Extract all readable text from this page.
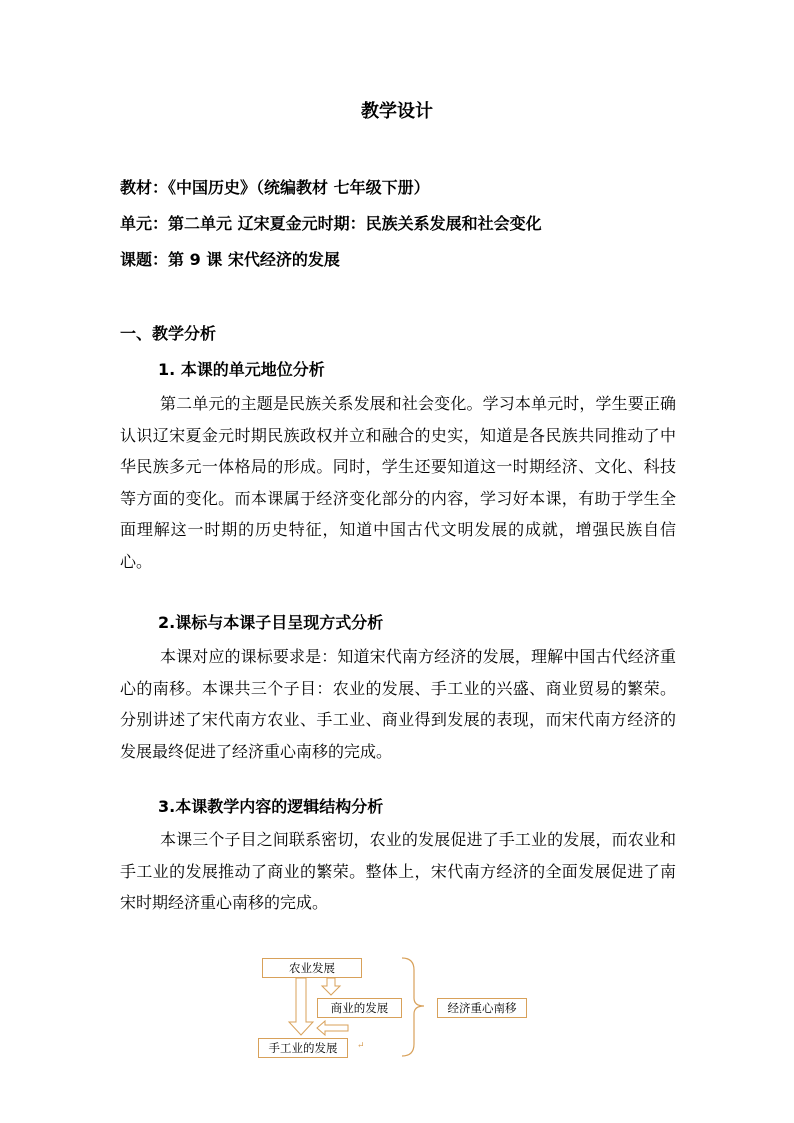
教学设计
教材：《中国历史》（统编教材 七年级下册）
单元：第二单元 辽宋夏金元时期：民族关系发展和社会变化
课题：第 9 课 宋代经济的发展
一、教学分析
1. 本课的单元地位分析

第二单元的主题是民族关系发展和社会变化。学习本单元时，学生要正确认识辽宋夏金元时期民族政权并立和融合的史实，知道是各民族共同推动了中华民族多元一体格局的形成。同时，学生还要知道这一时期经济、文化、科技等方面的变化。而本课属于经济变化部分的内容，学习好本课，有助于学生全面理解这一时期的历史特征，知道中国古代文明发展的成就，增强民族自信心。

2.课标与本课子目呈现方式分析

本课对应的课标要求是：知道宋代南方经济的发展，理解中国古代经济重心的南移。本课共三个子目：农业的发展、手工业的兴盛、商业贸易的繁荣。分别讲述了宋代南方农业、手工业、商业得到发展的表现，而宋代南方经济的发展最终促进了经济重心南移的完成。

3.本课教学内容的逻辑结构分析

本课三个子目之间联系密切，农业的发展促进了手工业的发展，而农业和手工业的发展推动了商业的繁荣。整体上，宋代南方经济的全面发展促进了南宋时期经济重心南移的完成。

农业发展
商业的发展
手工业的发展
经济重心南移
↵
